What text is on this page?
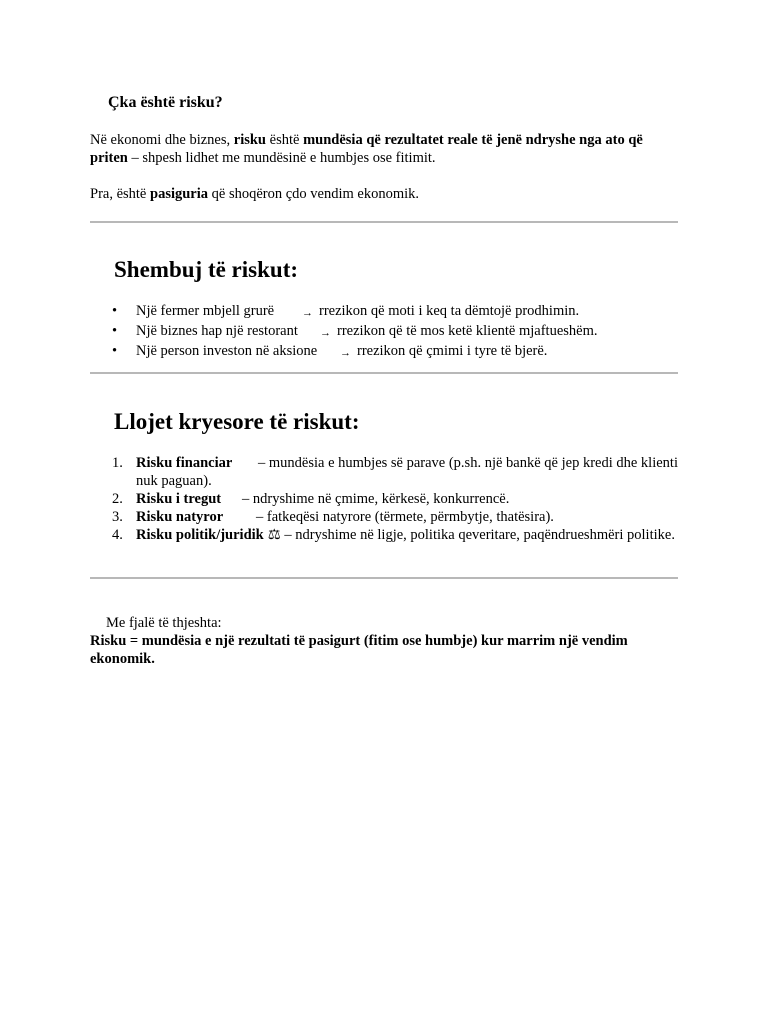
Çka është risku?

Në ekonomi dhe biznes, risku është mundësia që rezultatet reale të jenë ndryshe nga ato që priten – shpesh lidhet me mundësinë e humbjes ose fitimit.

Pra, është pasiguria që shoqëron çdo vendim ekonomik.

Shembuj të riskut:
• Një fermer mbjell grurë	→ rrezikon që moti i keq ta dëmtojë prodhimin.
• Një biznes hap një restorant → rrezikon që të mos ketë klientë mjaftueshëm.
• Një person investon në aksione → rrezikon që çmimi i tyre të bjerë.
Llojet kryesore të riskut:
1. Risku financiar – mundësia e humbjes së parave (p.sh. një bankë që jep kredi dhe klienti nuk paguan).
2. Risku i tregut – ndryshime në çmime, kërkesë, konkurrencë.
3. Risku natyror – fatkeqësi natyrore (tërmete, përmbytje, thatësira).
4. Risku politik/juridik ⚖ – ndryshime në ligje, politika qeveritare, paqëndrueshmëri politike.

Me fjalë të thjeshta:

Risku = mundësia e një rezultati të pasigurt (fitim ose humbje) kur marrim një vendim ekonomik.
